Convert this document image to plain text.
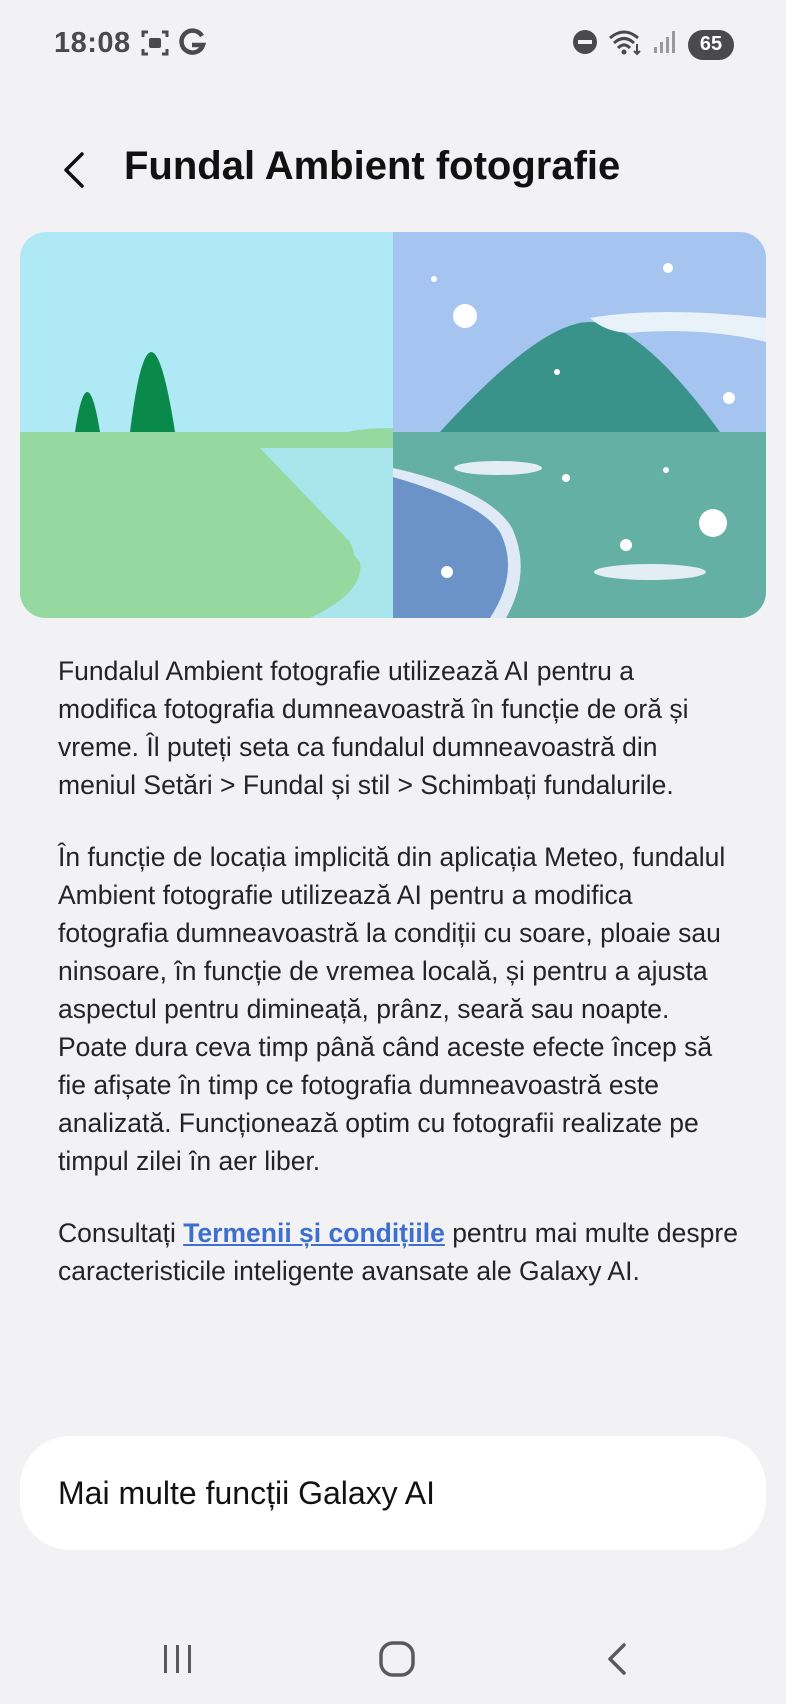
18:08	65
Fundal Ambient fotografie

Fundalul Ambient fotografie utilizează AI pentru a modifica fotografia dumneavoastră în funcție de oră și vreme. Îl puteți seta ca fundalul dumneavoastră din meniul Setări > Fundal și stil > Schimbați fundalurile.

În funcție de locația implicită din aplicația Meteo, fundalul Ambient fotografie utilizează AI pentru a modifica fotografia dumneavoastră la condiții cu soare, ploaie sau ninsoare, în funcție de vremea locală, și pentru a ajusta aspectul pentru dimineață, prânz, seară sau noapte. Poate dura ceva timp până când aceste efecte încep să fie afișate în timp ce fotografia dumneavoastră este analizată. Funcționează optim cu fotografii realizate pe timpul zilei în aer liber.

Consultați Termenii și condițiile pentru mai multe despre caracteristicile inteligente avansate ale Galaxy AI.

Mai multe funcții Galaxy AI
